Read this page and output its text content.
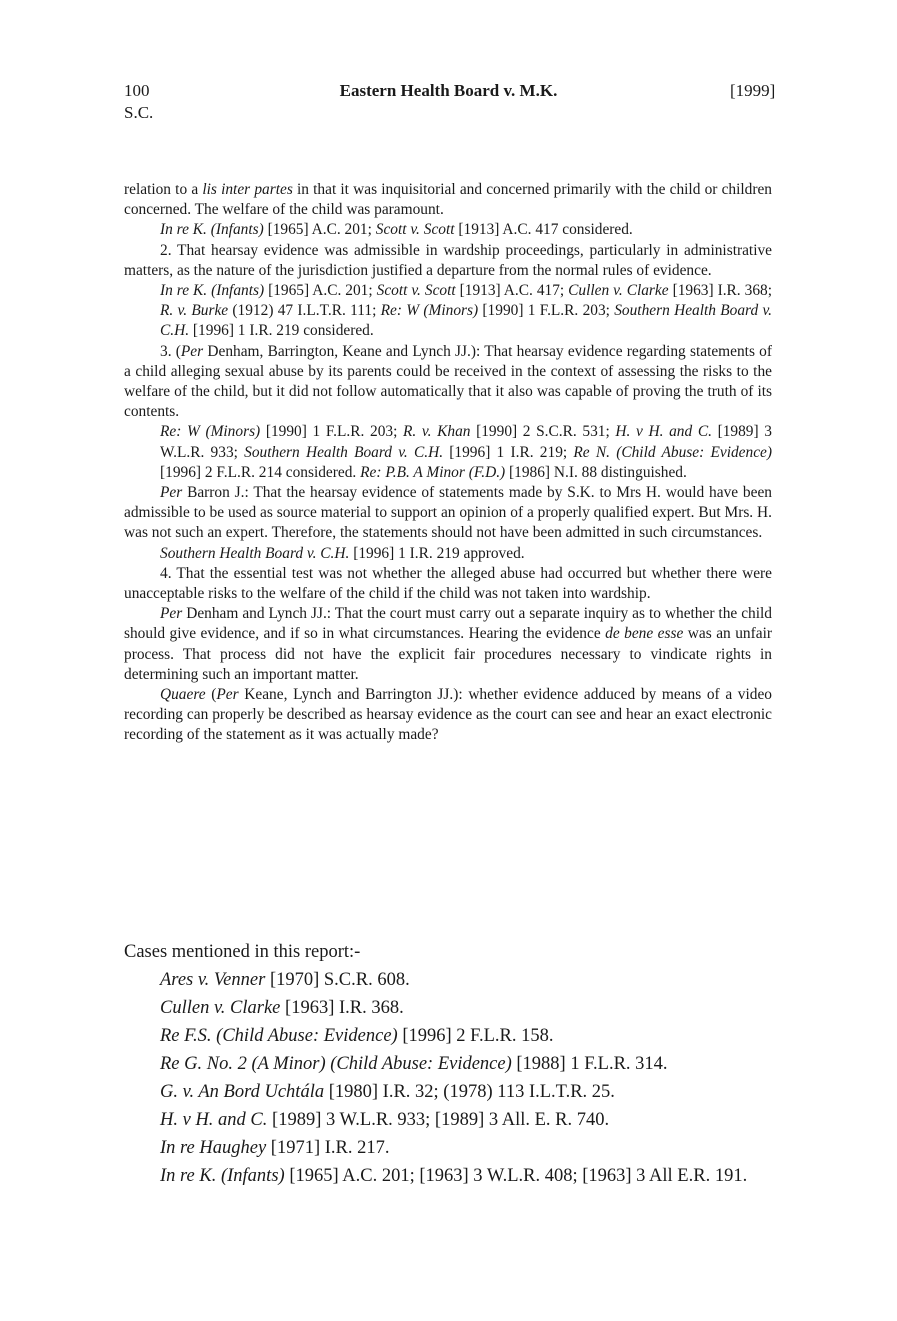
100
S.C.
Eastern Health Board v. M.K.	[1999]

relation to a lis inter partes in that it was inquisitorial and concerned primarily with the child or children concerned. The welfare of the child was paramount.

In re K. (Infants) [1965] A.C. 201; Scott v. Scott [1913] A.C. 417 considered.

2. That hearsay evidence was admissible in wardship proceedings, particularly in administrative matters, as the nature of the jurisdiction justified a departure from the normal rules of evidence.

In re K. (Infants) [1965] A.C. 201; Scott v. Scott [1913] A.C. 417; Cullen v. Clarke [1963] I.R. 368; R. v. Burke (1912) 47 I.L.T.R. 111; Re: W (Minors) [1990] 1 F.L.R. 203; Southern Health Board v. C.H. [1996] 1 I.R. 219 considered.

3. (Per Denham, Barrington, Keane and Lynch JJ.): That hearsay evidence regarding statements of a child alleging sexual abuse by its parents could be received in the context of assessing the risks to the welfare of the child, but it did not follow automatically that it also was capable of proving the truth of its contents.

Re: W (Minors) [1990] 1 F.L.R. 203; R. v. Khan [1990] 2 S.C.R. 531; H. v H. and C. [1989] 3 W.L.R. 933; Southern Health Board v. C.H. [1996] 1 I.R. 219; Re N. (Child Abuse: Evidence) [1996] 2 F.L.R. 214 considered. Re: P.B. A Minor (F.D.) [1986] N.I. 88 distinguished.

Per Barron J.: That the hearsay evidence of statements made by S.K. to Mrs H. would have been admissible to be used as source material to support an opinion of a properly qualified expert. But Mrs. H. was not such an expert. Therefore, the statements should not have been admitted in such circumstances.

Southern Health Board v. C.H. [1996] 1 I.R. 219 approved.

4. That the essential test was not whether the alleged abuse had occurred but whether there were unacceptable risks to the welfare of the child if the child was not taken into wardship.

Per Denham and Lynch JJ.: That the court must carry out a separate inquiry as to whether the child should give evidence, and if so in what circumstances. Hearing the evidence de bene esse was an unfair process. That process did not have the explicit fair procedures necessary to vindicate rights in determining such an important matter.

Quaere (Per Keane, Lynch and Barrington JJ.): whether evidence adduced by means of a video recording can properly be described as hearsay evidence as the court can see and hear an exact electronic recording of the statement as it was actually made?

Cases mentioned in this report:-
Ares v. Venner [1970] S.C.R. 608.
Cullen v. Clarke [1963] I.R. 368.
Re F.S. (Child Abuse: Evidence) [1996] 2 F.L.R. 158.
Re G. No. 2 (A Minor) (Child Abuse: Evidence) [1988] 1 F.L.R. 314.
G. v. An Bord Uchtála [1980] I.R. 32; (1978) 113 I.L.T.R. 25.
H. v H. and C. [1989] 3 W.L.R. 933; [1989] 3 All. E. R. 740.
In re Haughey [1971] I.R. 217.
In re K. (Infants) [1965] A.C. 201; [1963] 3 W.L.R. 408; [1963] 3 All E.R. 191.
